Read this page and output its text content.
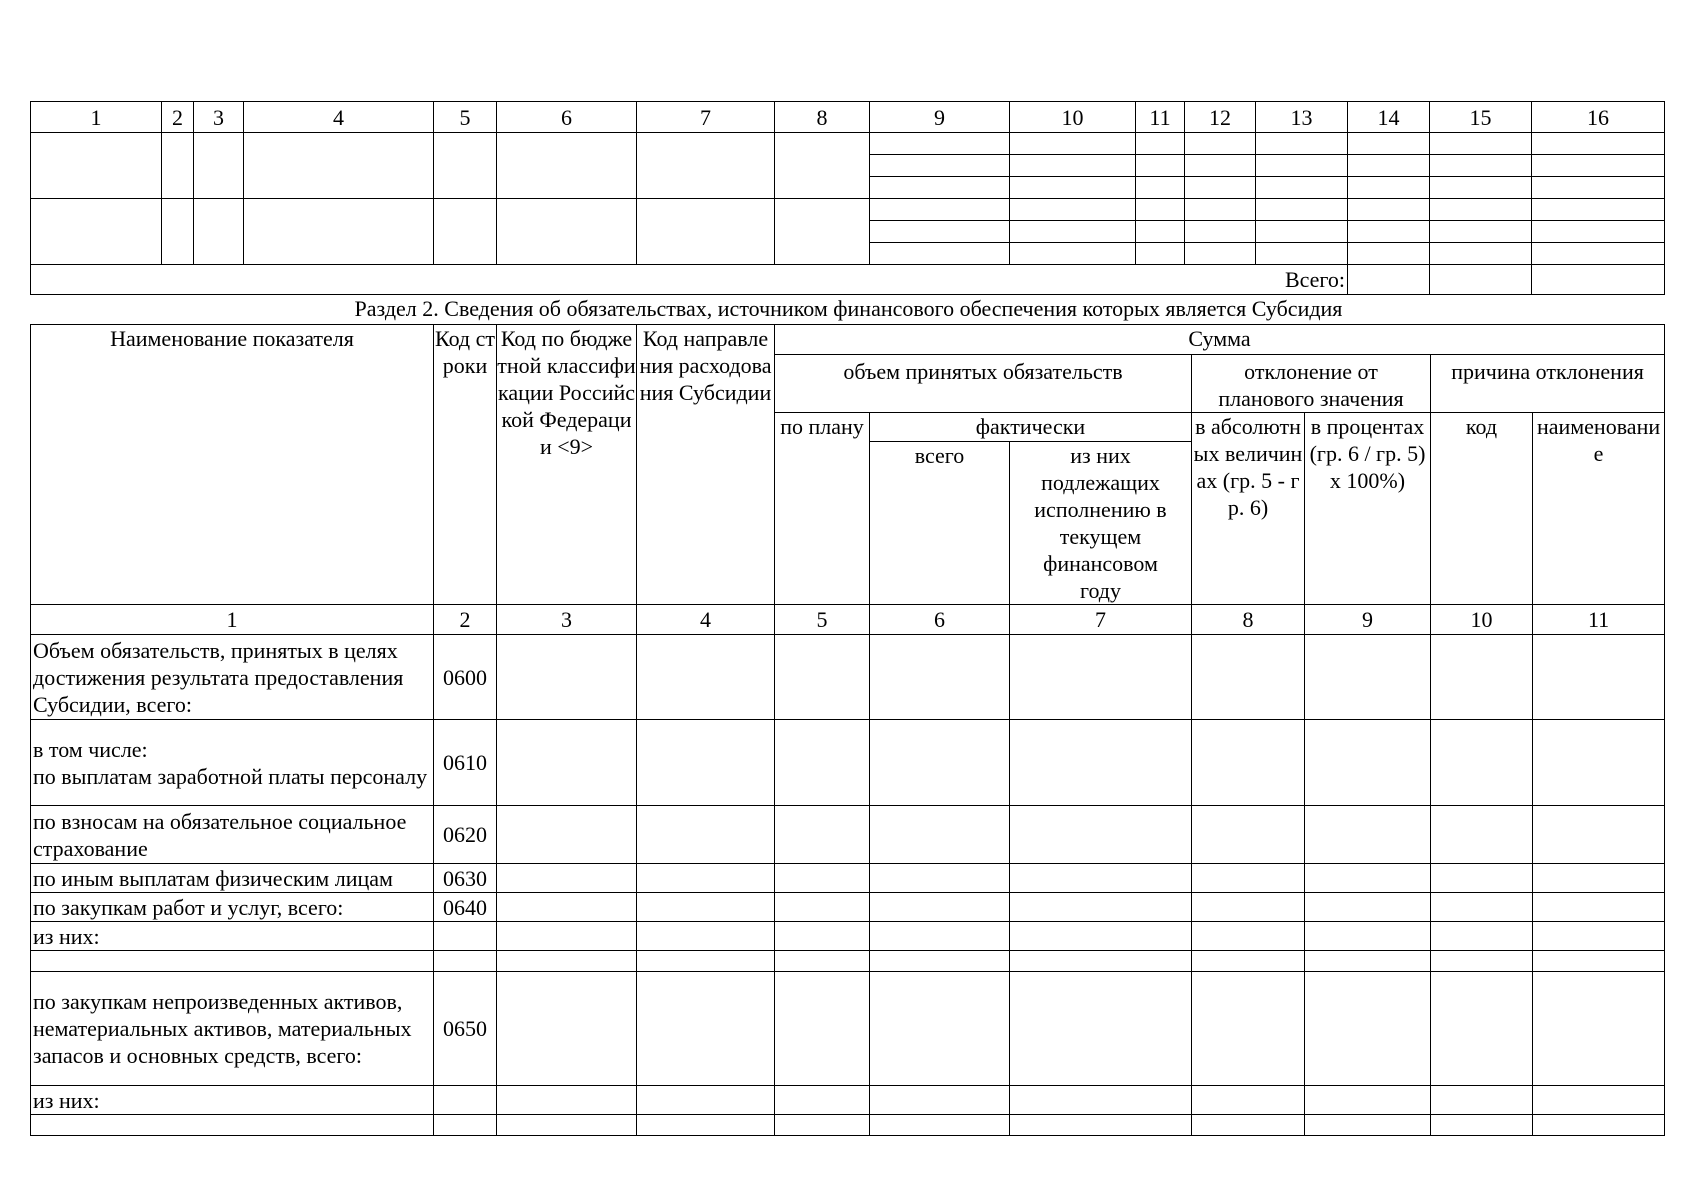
1	2	3	4	5	6	7	8	9	10	11	12	13	14	15	16

Всего:															
Раздел 2. Сведения об обязательствах, источником финансового обеспечения которых является Субсидия
Наименование показателя	Код строки	Код по бюджетной классификации Российской Федерации <9>	Код направления расходования Субсидии	Сумма						
				объем принятых обязательств			отклонение от планового значения		причина отклонения	
				по плану	фактически		в абсолютных величинах (гр. 5 - гр. 6)	в процентах (гр. 6 / гр. 5) x 100%)	код	наименование
					всего	из них подлежащих исполнению в текущем финансовом году				

1	2	3	4	5	6	7	8	9	10	11
Объем обязательств, принятых в целях достижения результата предоставления Субсидии, всего:	0600									
в том числе:
по выплатам заработной платы персоналу	0610									
по взносам на обязательное социальное страхование	0620									
по иным выплатам физическим лицам	0630									
по закупкам работ и услуг, всего:	0640									
из них:										

по закупкам непроизведенных активов, нематериальных активов, материальных запасов и основных средств, всего:	0650									
из них:										
